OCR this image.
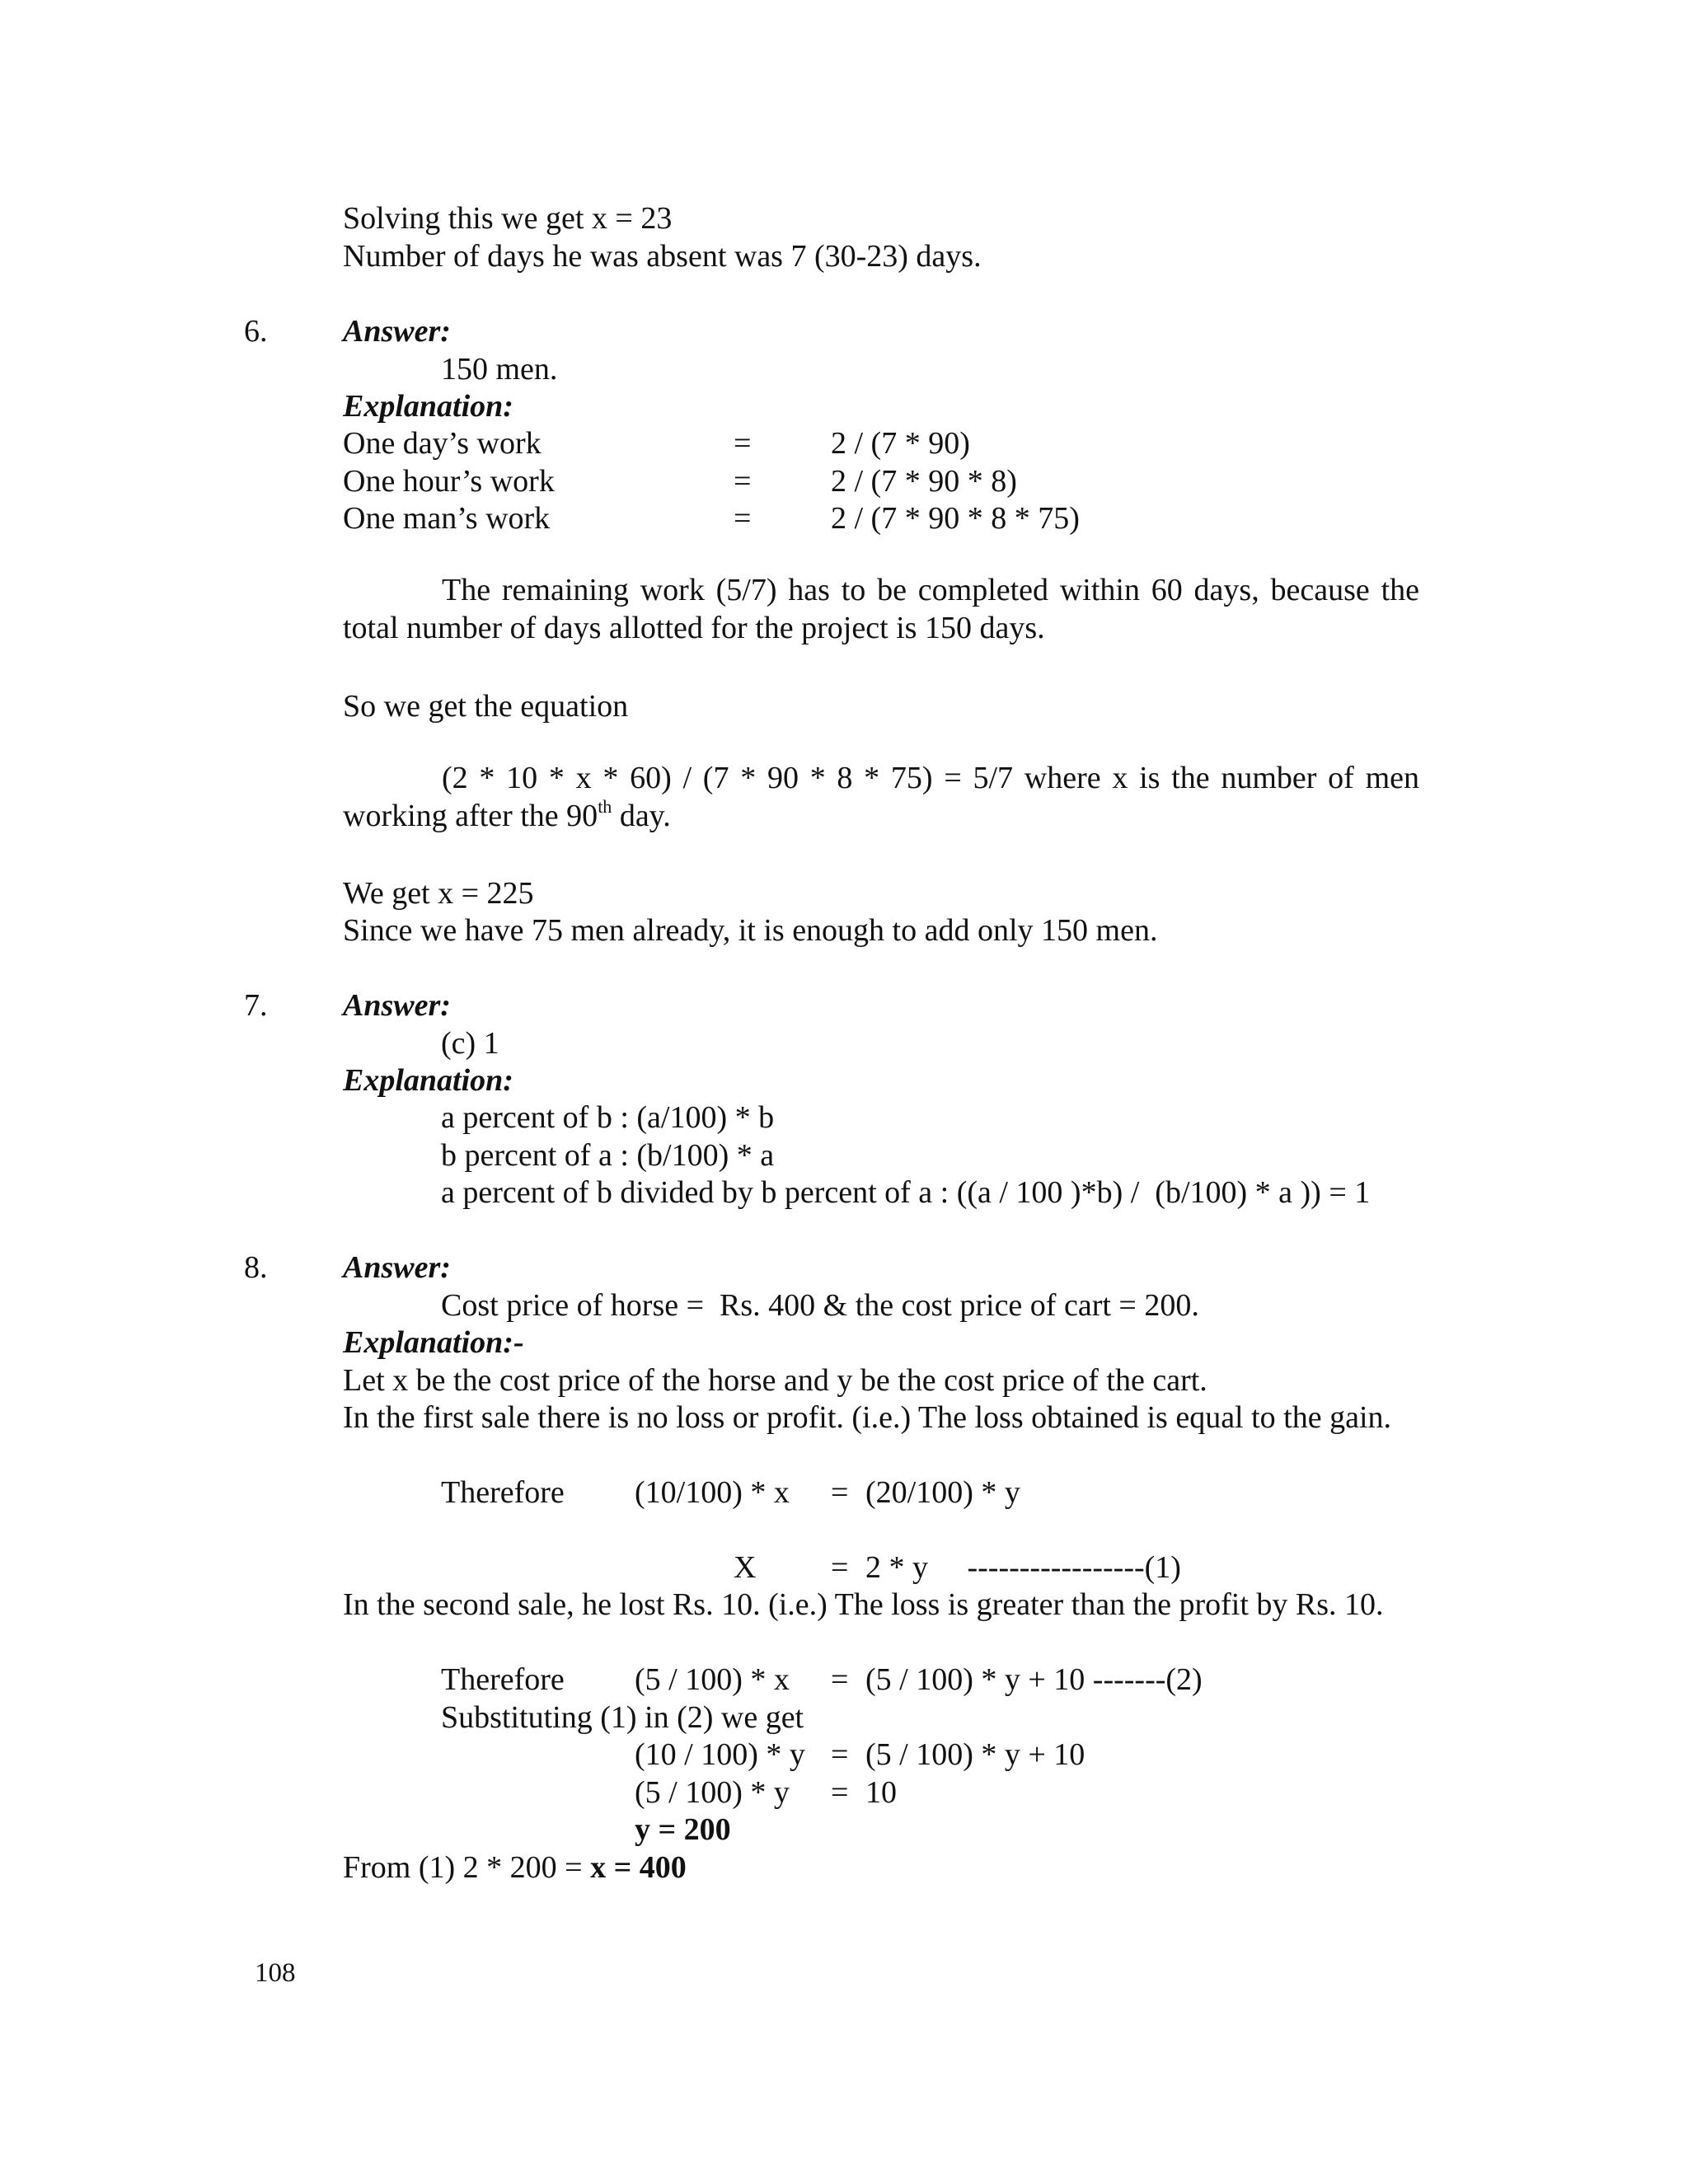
Solving this we get x = 23
Number of days he was absent was 7 (30-23) days.
6. Answer:
150 men.
Explanation:
One day’s work	=	2 / (7 * 90)
One hour’s work	=	2 / (7 * 90 * 8)
One man’s work	=	2 / (7 * 90 * 8 * 75)
The remaining work (5/7) has to be completed within 60 days, because the total number of days allotted for the project is 150 days.
So we get the equation
(2 * 10 * x * 60) / (7 * 90 * 8 * 75) = 5/7 where x is the number of men working after the 90th day.
We get x = 225
Since we have 75 men already, it is enough to add only 150 men.
7. Answer:
(c) 1
Explanation:
a percent of b : (a/100) * b
b percent of a : (b/100) * a
a percent of b divided by b percent of a : ((a / 100 )*b) /  (b/100) * a )) = 1
8. Answer:
Cost price of horse =  Rs. 400 & the cost price of cart = 200.
Explanation:-
Let x be the cost price of the horse and y be the cost price of the cart.
In the first sale there is no loss or profit. (i.e.) The loss obtained is equal to the gain.
Therefore (10/100) * x = (20/100) * y
X = 2 * y     -----------------(1)
In the second sale, he lost Rs. 10. (i.e.) The loss is greater than the profit by Rs. 10.
Therefore (5 / 100) * x = (5 / 100) * y + 10 -------(2)
Substituting (1) in (2) we get
(10 / 100) * y = (5 / 100) * y + 10
(5 / 100) * y = 10
y = 200
From (1) 2 * 200 = x = 400
108
